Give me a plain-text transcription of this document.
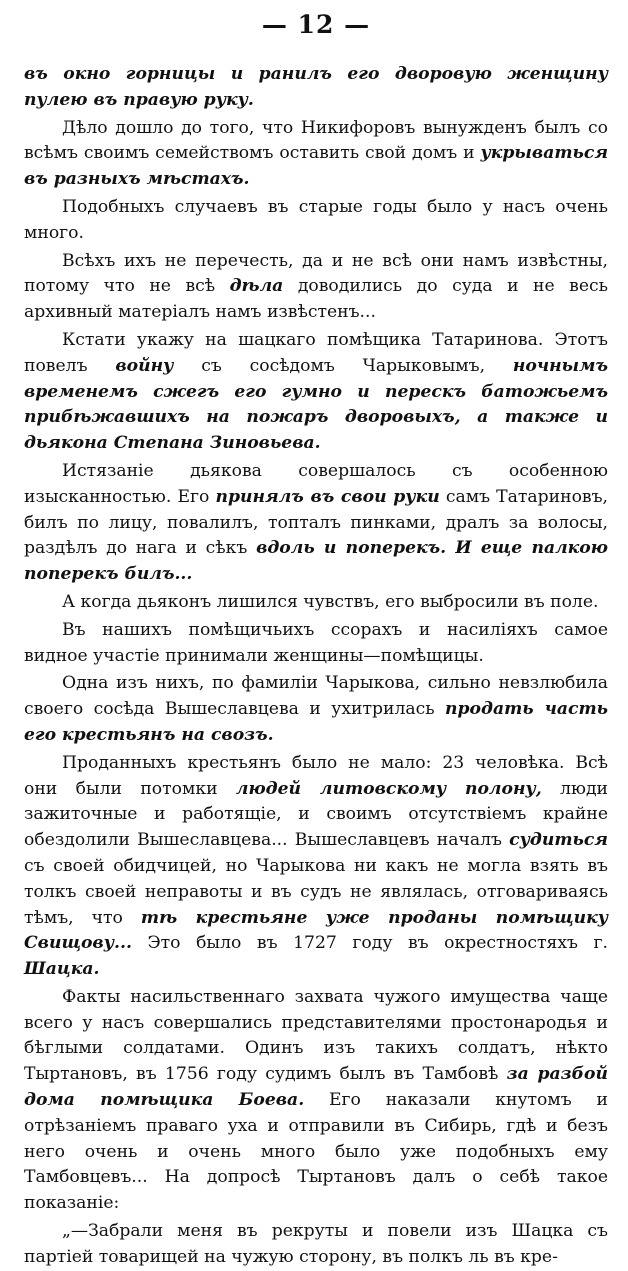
— 12 —

въ окно горницы и ранилъ его дворовую женщину пулею въ правую руку.

Дѣло дошло до того, что Никифоровъ вынужденъ былъ со всѣмъ своимъ семействомъ оставить свой домъ и укрываться въ разныхъ мѣстахъ.

Подобныхъ случаевъ въ старые годы было у насъ очень много.

Всѣхъ ихъ не перечесть, да и не всѣ они намъ извѣстны, потому что не всѣ дѣла доводились до суда и не весь архивный матеріалъ намъ извѣстенъ...

Кстати укажу на шацкаго помѣщика Татаринова. Этотъ повелъ войну съ сосѣдомъ Чарыковымъ, ночнымъ временемъ сжегъ его гумно и перескъ батожьемъ прибѣжавшихъ на пожаръ дворовыхъ, а также и дьякона Степана Зиновьева.

Истязаніе дьякова совершалось съ особенною изысканностью. Его принялъ въ свои руки самъ Татариновъ, билъ по лицу, повалилъ, топталъ пинками, дралъ за волосы, раздѣлъ до нага и сѣкъ вдоль и поперекъ. И еще палкою поперекъ билъ...

А когда дьяконъ лишился чувствъ, его выбросили въ поле.

Въ нашихъ помѣщичьихъ ссорахъ и насиліяхъ самое видное участіе принимали женщины—помѣщицы.

Одна изъ нихъ, по фамиліи Чарыкова, сильно невзлюбила своего сосѣда Вышеславцева и ухитрилась продать часть его крестьянъ на свозъ.

Проданныхъ крестьянъ было не мало: 23 человѣка. Всѣ они были потомки людей литовскому полону, люди зажиточные и работящіе, и своимъ отсутствіемъ крайне обездолили Вышеславцева... Вышеславцевъ началъ судиться съ своей обидчицей, но Чарыкова ни какъ не могла взять въ толкъ своей неправоты и въ судъ не являлась, отговариваясь тѣмъ, что тѣ крестьяне уже проданы помѣщику Свищову... Это было въ 1727 году въ окрестностяхъ г. Шацка.

Факты насильственнаго захвата чужого имущества чаще всего у насъ совершались представителями простонародья и бѣглыми солдатами. Одинъ изъ такихъ солдатъ, нѣкто Тыртановъ, въ 1756 году судимъ былъ въ Тамбовѣ за разбой дома помѣщика Боева. Его наказали кнутомъ и отрѣзаніемъ праваго уха и отправили въ Сибирь, гдѣ и безъ него очень и очень много было уже подобныхъ ему Тамбовцевъ... На допросѣ Тыртановъ далъ о себѣ такое показаніе:

„—Забрали меня въ рекруты и повели изъ Шацка съ партіей товарищей на чужую сторону, въ полкъ ль въ кре-
